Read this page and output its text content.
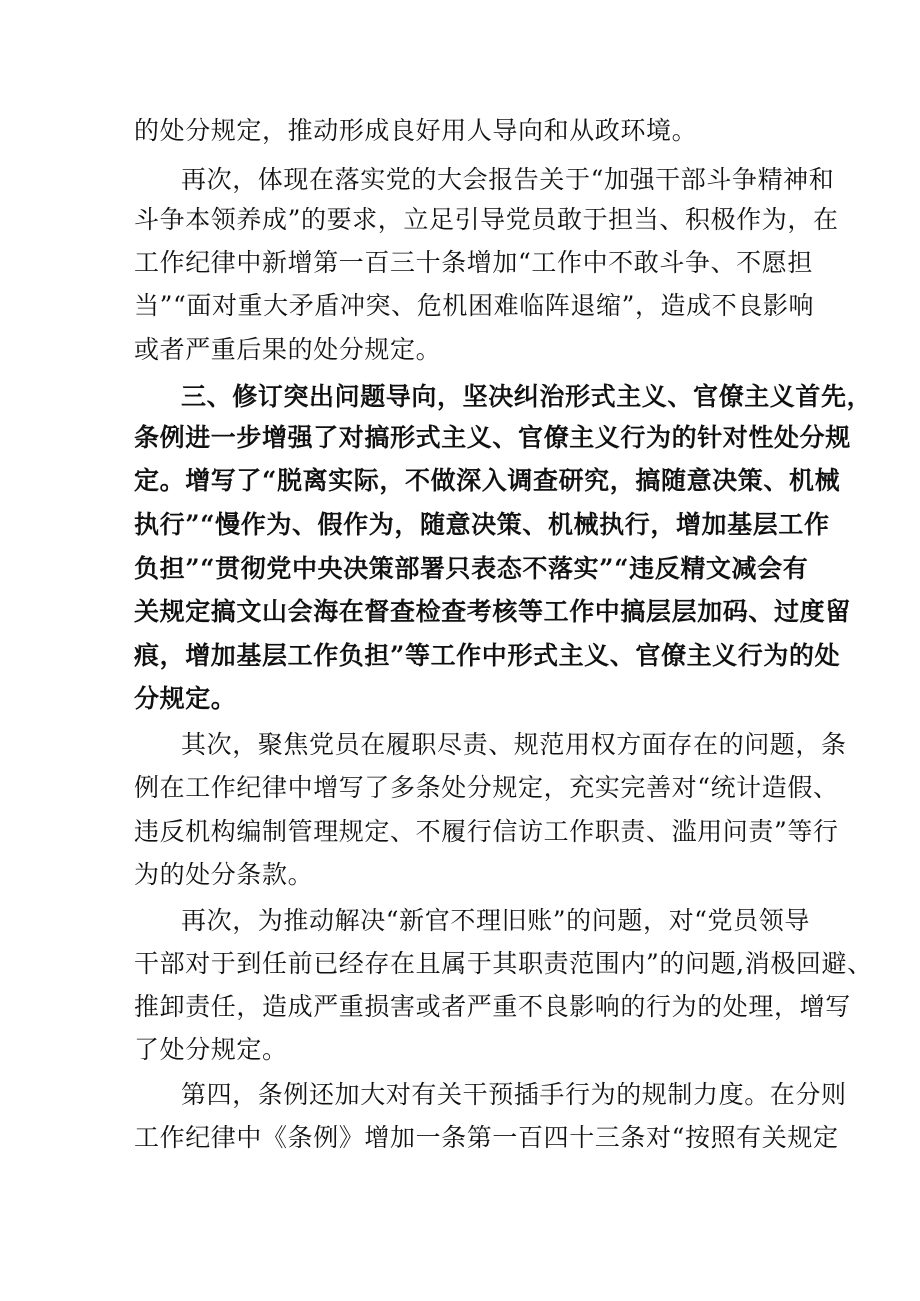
的处分规定，推动形成良好用人导向和从政环境。
再次，体现在落实党的大会报告关于“加强干部斗争精神和
斗争本领养成”的要求，立足引导党员敢于担当、积极作为，在
工作纪律中新增第一百三十条增加“工作中不敢斗争、不愿担
当”“面对重大矛盾冲突、危机困难临阵退缩”，造成不良影响
或者严重后果的处分规定。
三、修订突出问题导向，坚决纠治形式主义、官僚主义首先，
条例进一步增强了对搞形式主义、官僚主义行为的针对性处分规
定。增写了“脱离实际，不做深入调查研究，搞随意决策、机械
执行”“慢作为、假作为，随意决策、机械执行，增加基层工作
负担”“贯彻党中央决策部署只表态不落实”“违反精文减会有
关规定搞文山会海在督查检查考核等工作中搞层层加码、过度留
痕，增加基层工作负担”等工作中形式主义、官僚主义行为的处
分规定。
其次，聚焦党员在履职尽责、规范用权方面存在的问题，条
例在工作纪律中增写了多条处分规定，充实完善对“统计造假、
违反机构编制管理规定、不履行信访工作职责、滥用问责”等行
为的处分条款。
再次，为推动解决“新官不理旧账”的问题，对“党员领导
干部对于到任前已经存在且属于其职责范围内”的问题,消极回避、
推卸责任，造成严重损害或者严重不良影响的行为的处理，增写
了处分规定。
第四，条例还加大对有关干预插手行为的规制力度。在分则
工作纪律中《条例》增加一条第一百四十三条对“按照有关规定
